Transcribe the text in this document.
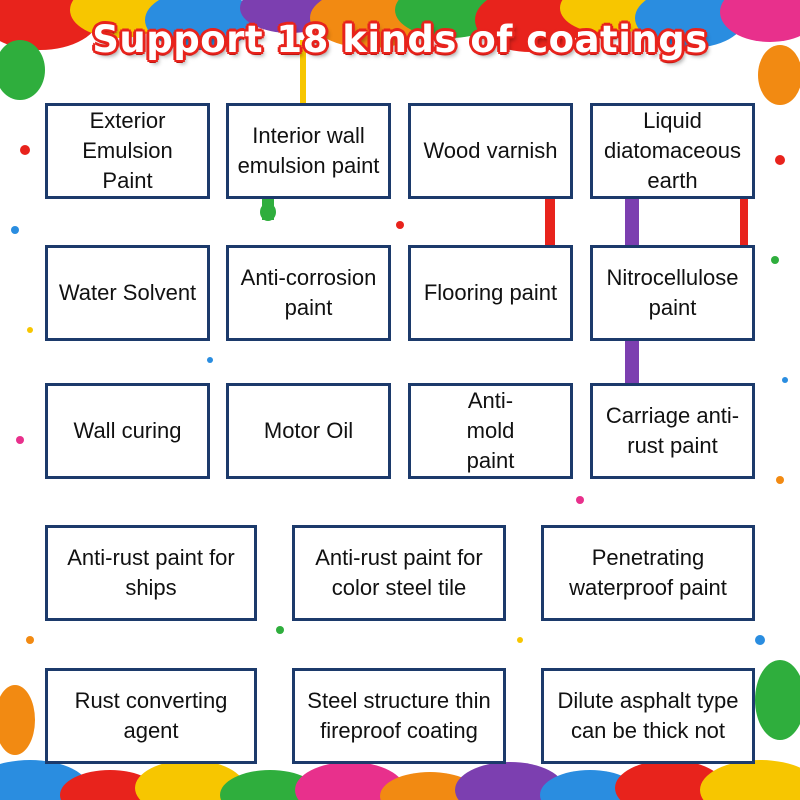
Support 18 kinds of coatings
Exterior Emulsion Paint
Interior wall emulsion paint
Wood varnish
Liquid diatomaceous earth
Water Solvent
Anti-corrosion paint
Flooring paint
Nitrocellulose paint
Wall curing	Motor Oil
Anti-mold paint
Carriage anti-rust paint
Anti-rust paint for ships
Anti-rust paint for color steel tile
Penetrating waterproof paint
Rust converting agent
Steel structure thin fireproof coating
Dilute asphalt type can be thick not
